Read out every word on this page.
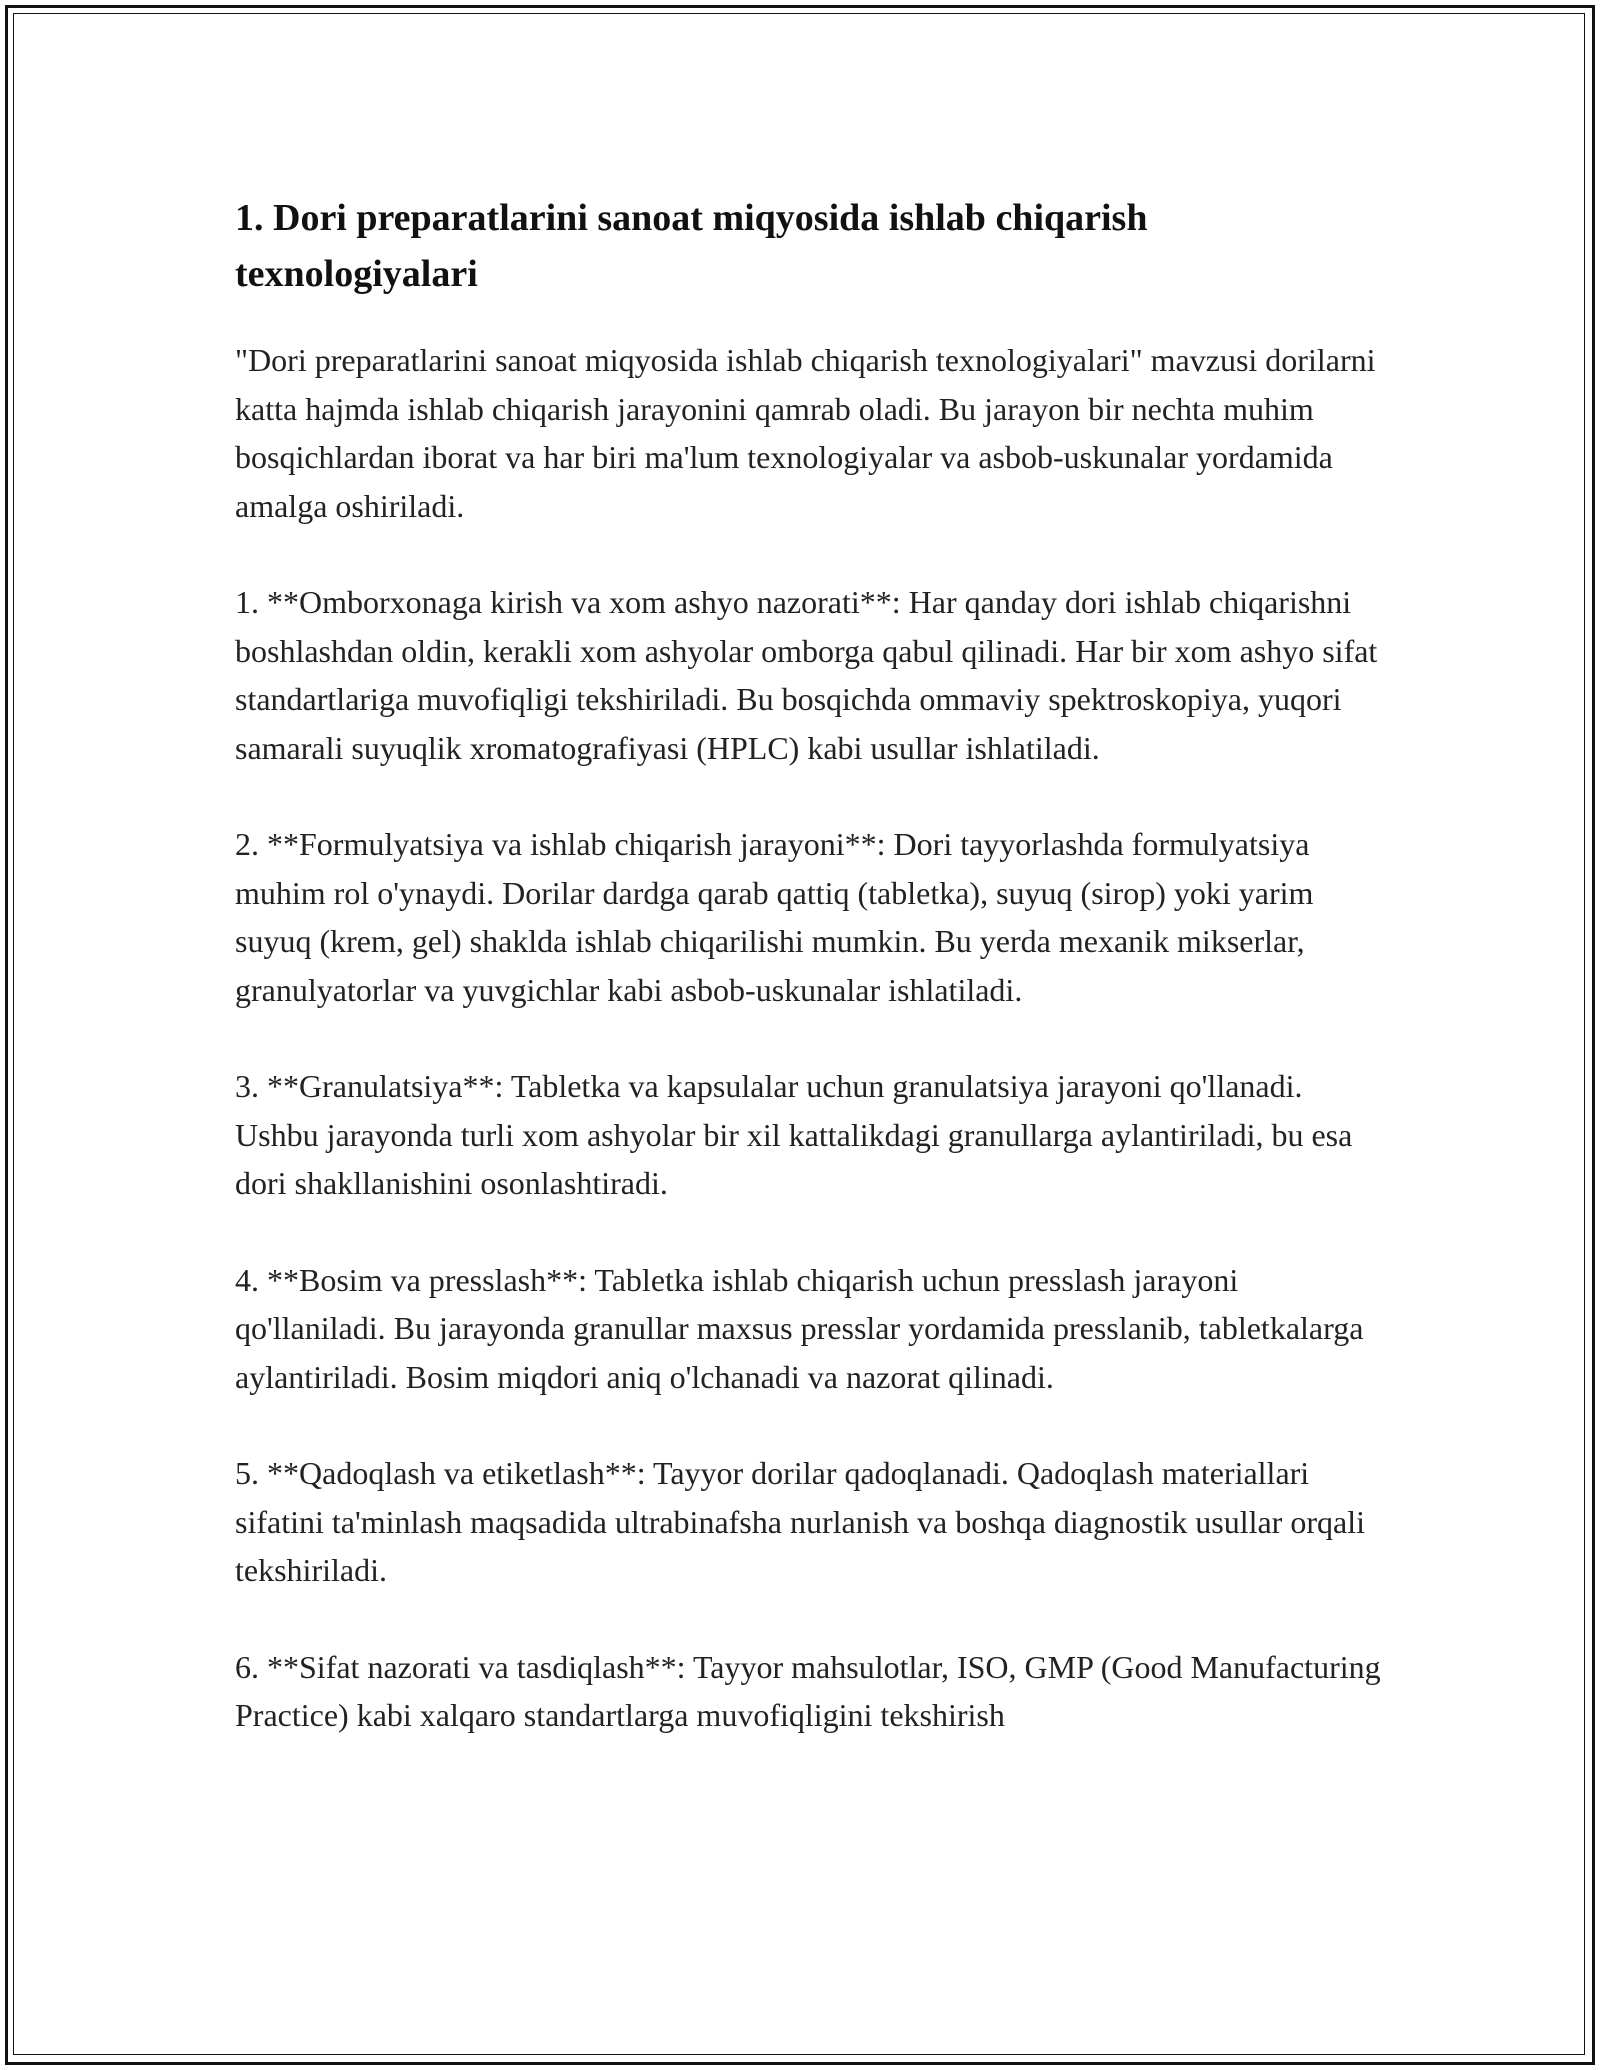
1. Dori preparatlarini sanoat miqyosida ishlab chiqarish texnologiyalari

"Dori preparatlarini sanoat miqyosida ishlab chiqarish texnologiyalari" mavzusi dorilarni katta hajmda ishlab chiqarish jarayonini qamrab oladi. Bu jarayon bir nechta muhim bosqichlardan iborat va har biri ma'lum texnologiyalar va asbob-uskunalar yordamida amalga oshiriladi.

1. **Omborxonaga kirish va xom ashyo nazorati**: Har qanday dori ishlab chiqarishni boshlashdan oldin, kerakli xom ashyolar omborga qabul qilinadi. Har bir xom ashyo sifat standartlariga muvofiqligi tekshiriladi. Bu bosqichda ommaviy spektroskopiya, yuqori samarali suyuqlik xromatografiyasi (HPLC) kabi usullar ishlatiladi.

2. **Formulyatsiya va ishlab chiqarish jarayoni**: Dori tayyorlashda formulyatsiya muhim rol o'ynaydi. Dorilar dardga qarab qattiq (tabletka), suyuq (sirop) yoki yarim suyuq (krem, gel) shaklda ishlab chiqarilishi mumkin. Bu yerda mexanik mikserlar, granulyatorlar va yuvgichlar kabi asbob-uskunalar ishlatiladi.

3. **Granulatsiya**: Tabletka va kapsulalar uchun granulatsiya jarayoni qo'llanadi. Ushbu jarayonda turli xom ashyolar bir xil kattalikdagi granullarga aylantiriladi, bu esa dori shakllanishini osonlashtiradi.

4. **Bosim va presslash**: Tabletka ishlab chiqarish uchun presslash jarayoni qo'llaniladi. Bu jarayonda granullar maxsus presslar yordamida presslanib, tabletkalarga aylantiriladi. Bosim miqdori aniq o'lchanadi va nazorat qilinadi.

5. **Qadoqlash va etiketlash**: Tayyor dorilar qadoqlanadi. Qadoqlash materiallari sifatini ta'minlash maqsadida ultrabinafsha nurlanish va boshqa diagnostik usullar orqali tekshiriladi.

6. **Sifat nazorati va tasdiqlash**: Tayyor mahsulotlar, ISO, GMP (Good Manufacturing Practice) kabi xalqaro standartlarga muvofiqligini tekshirish
